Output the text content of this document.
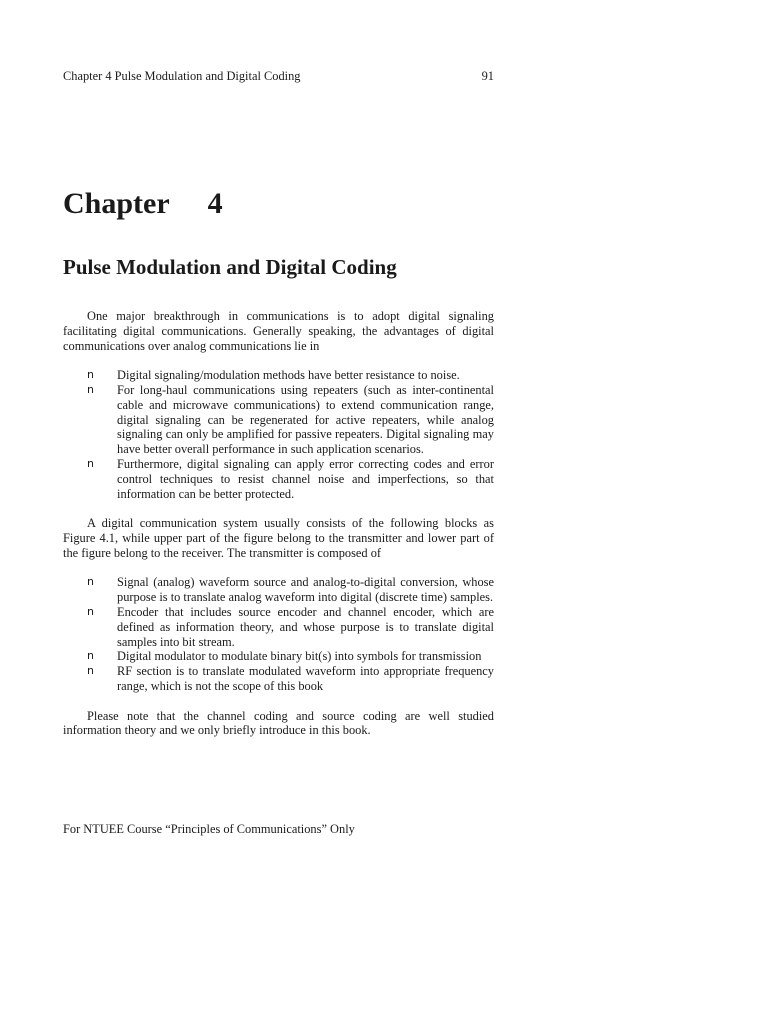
Chapter 4 Pulse Modulation and Digital Coding	91
Chapter 4
Pulse Modulation and Digital Coding

One major breakthrough in communications is to adopt digital signaling facilitating digital communications. Generally speaking, the advantages of digital communications over analog communications lie in

n Digital signaling/modulation methods have better resistance to noise.
n For long-haul communications using repeaters (such as inter-continental cable and microwave communications) to extend communication range, digital signaling can be regenerated for active repeaters, while analog signaling can only be amplified for passive repeaters. Digital signaling may have better overall performance in such application scenarios.
n Furthermore, digital signaling can apply error correcting codes and error control techniques to resist channel noise and imperfections, so that information can be better protected.

A digital communication system usually consists of the following blocks as Figure 4.1, while upper part of the figure belong to the transmitter and lower part of the figure belong to the receiver. The transmitter is composed of

n Signal (analog) waveform source and analog-to-digital conversion, whose purpose is to translate analog waveform into digital (discrete time) samples.
n Encoder that includes source encoder and channel encoder, which are defined as information theory, and whose purpose is to translate digital samples into bit stream.
n Digital modulator to modulate binary bit(s) into symbols for transmission
n RF section is to translate modulated waveform into appropriate frequency range, which is not the scope of this book

Please note that the channel coding and source coding are well studied information theory and we only briefly introduce in this book.

For NTUEE Course “Principles of Communications” Only
